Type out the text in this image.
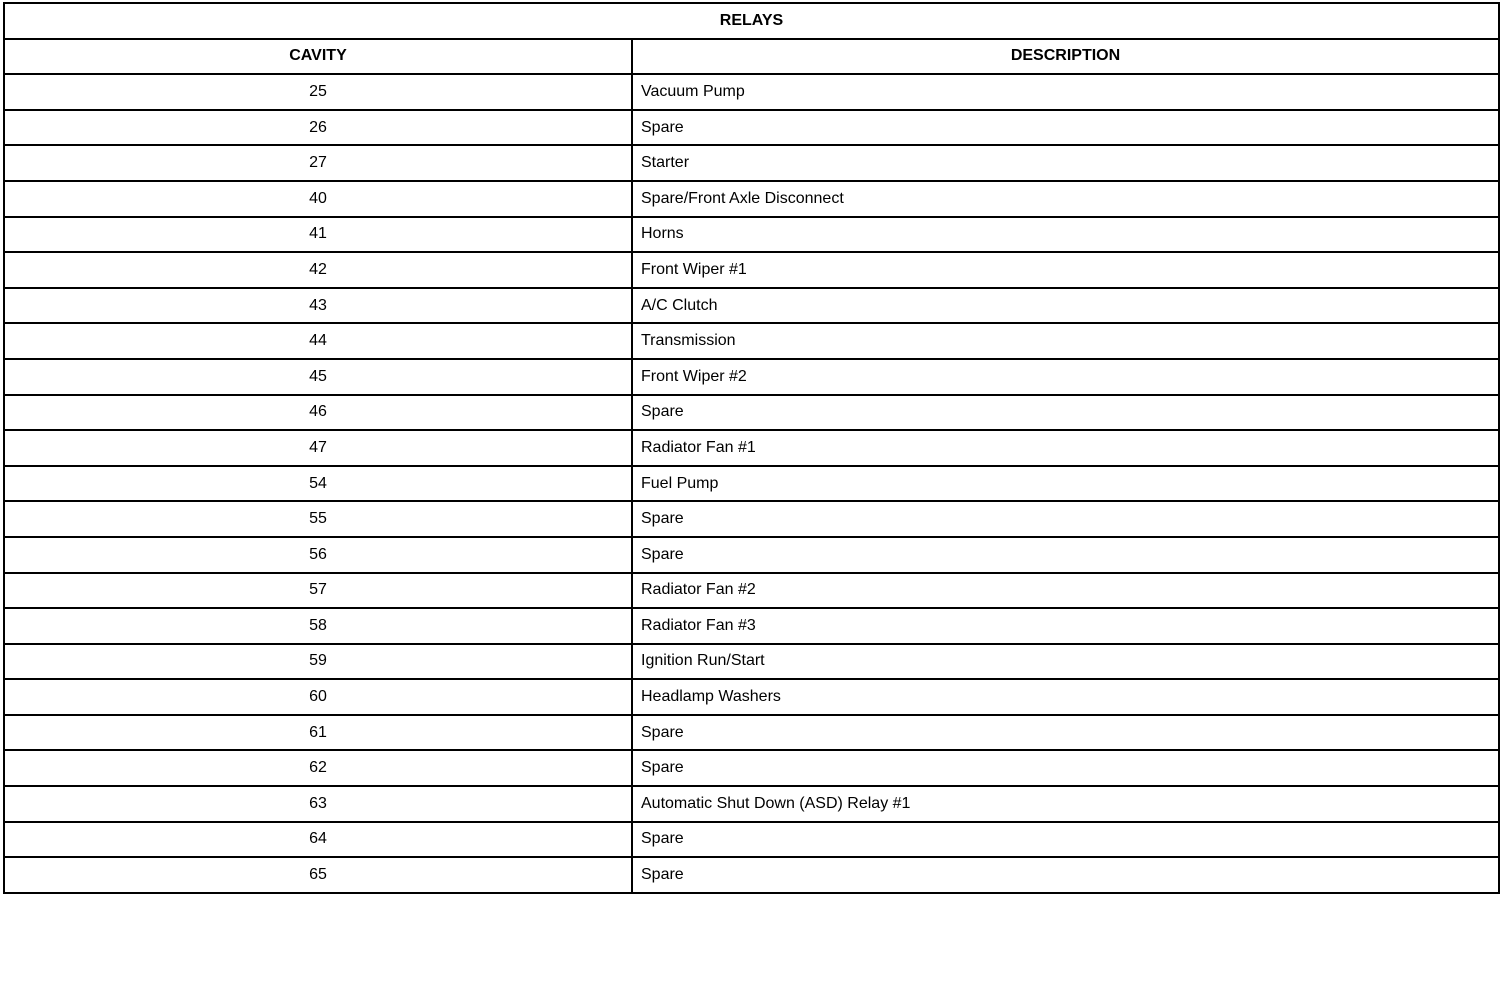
RELAYS	
CAVITY	DESCRIPTION
25	Vacuum Pump
26	Spare
27	Starter
40	Spare/Front Axle Disconnect
41	Horns
42	Front Wiper #1
43	A/C Clutch
44	Transmission
45	Front Wiper #2
46	Spare
47	Radiator Fan #1
54	Fuel Pump
55	Spare
56	Spare
57	Radiator Fan #2
58	Radiator Fan #3
59	Ignition Run/Start
60	Headlamp Washers
61	Spare
62	Spare
63	Automatic Shut Down (ASD) Relay #1
64	Spare
65	Spare
